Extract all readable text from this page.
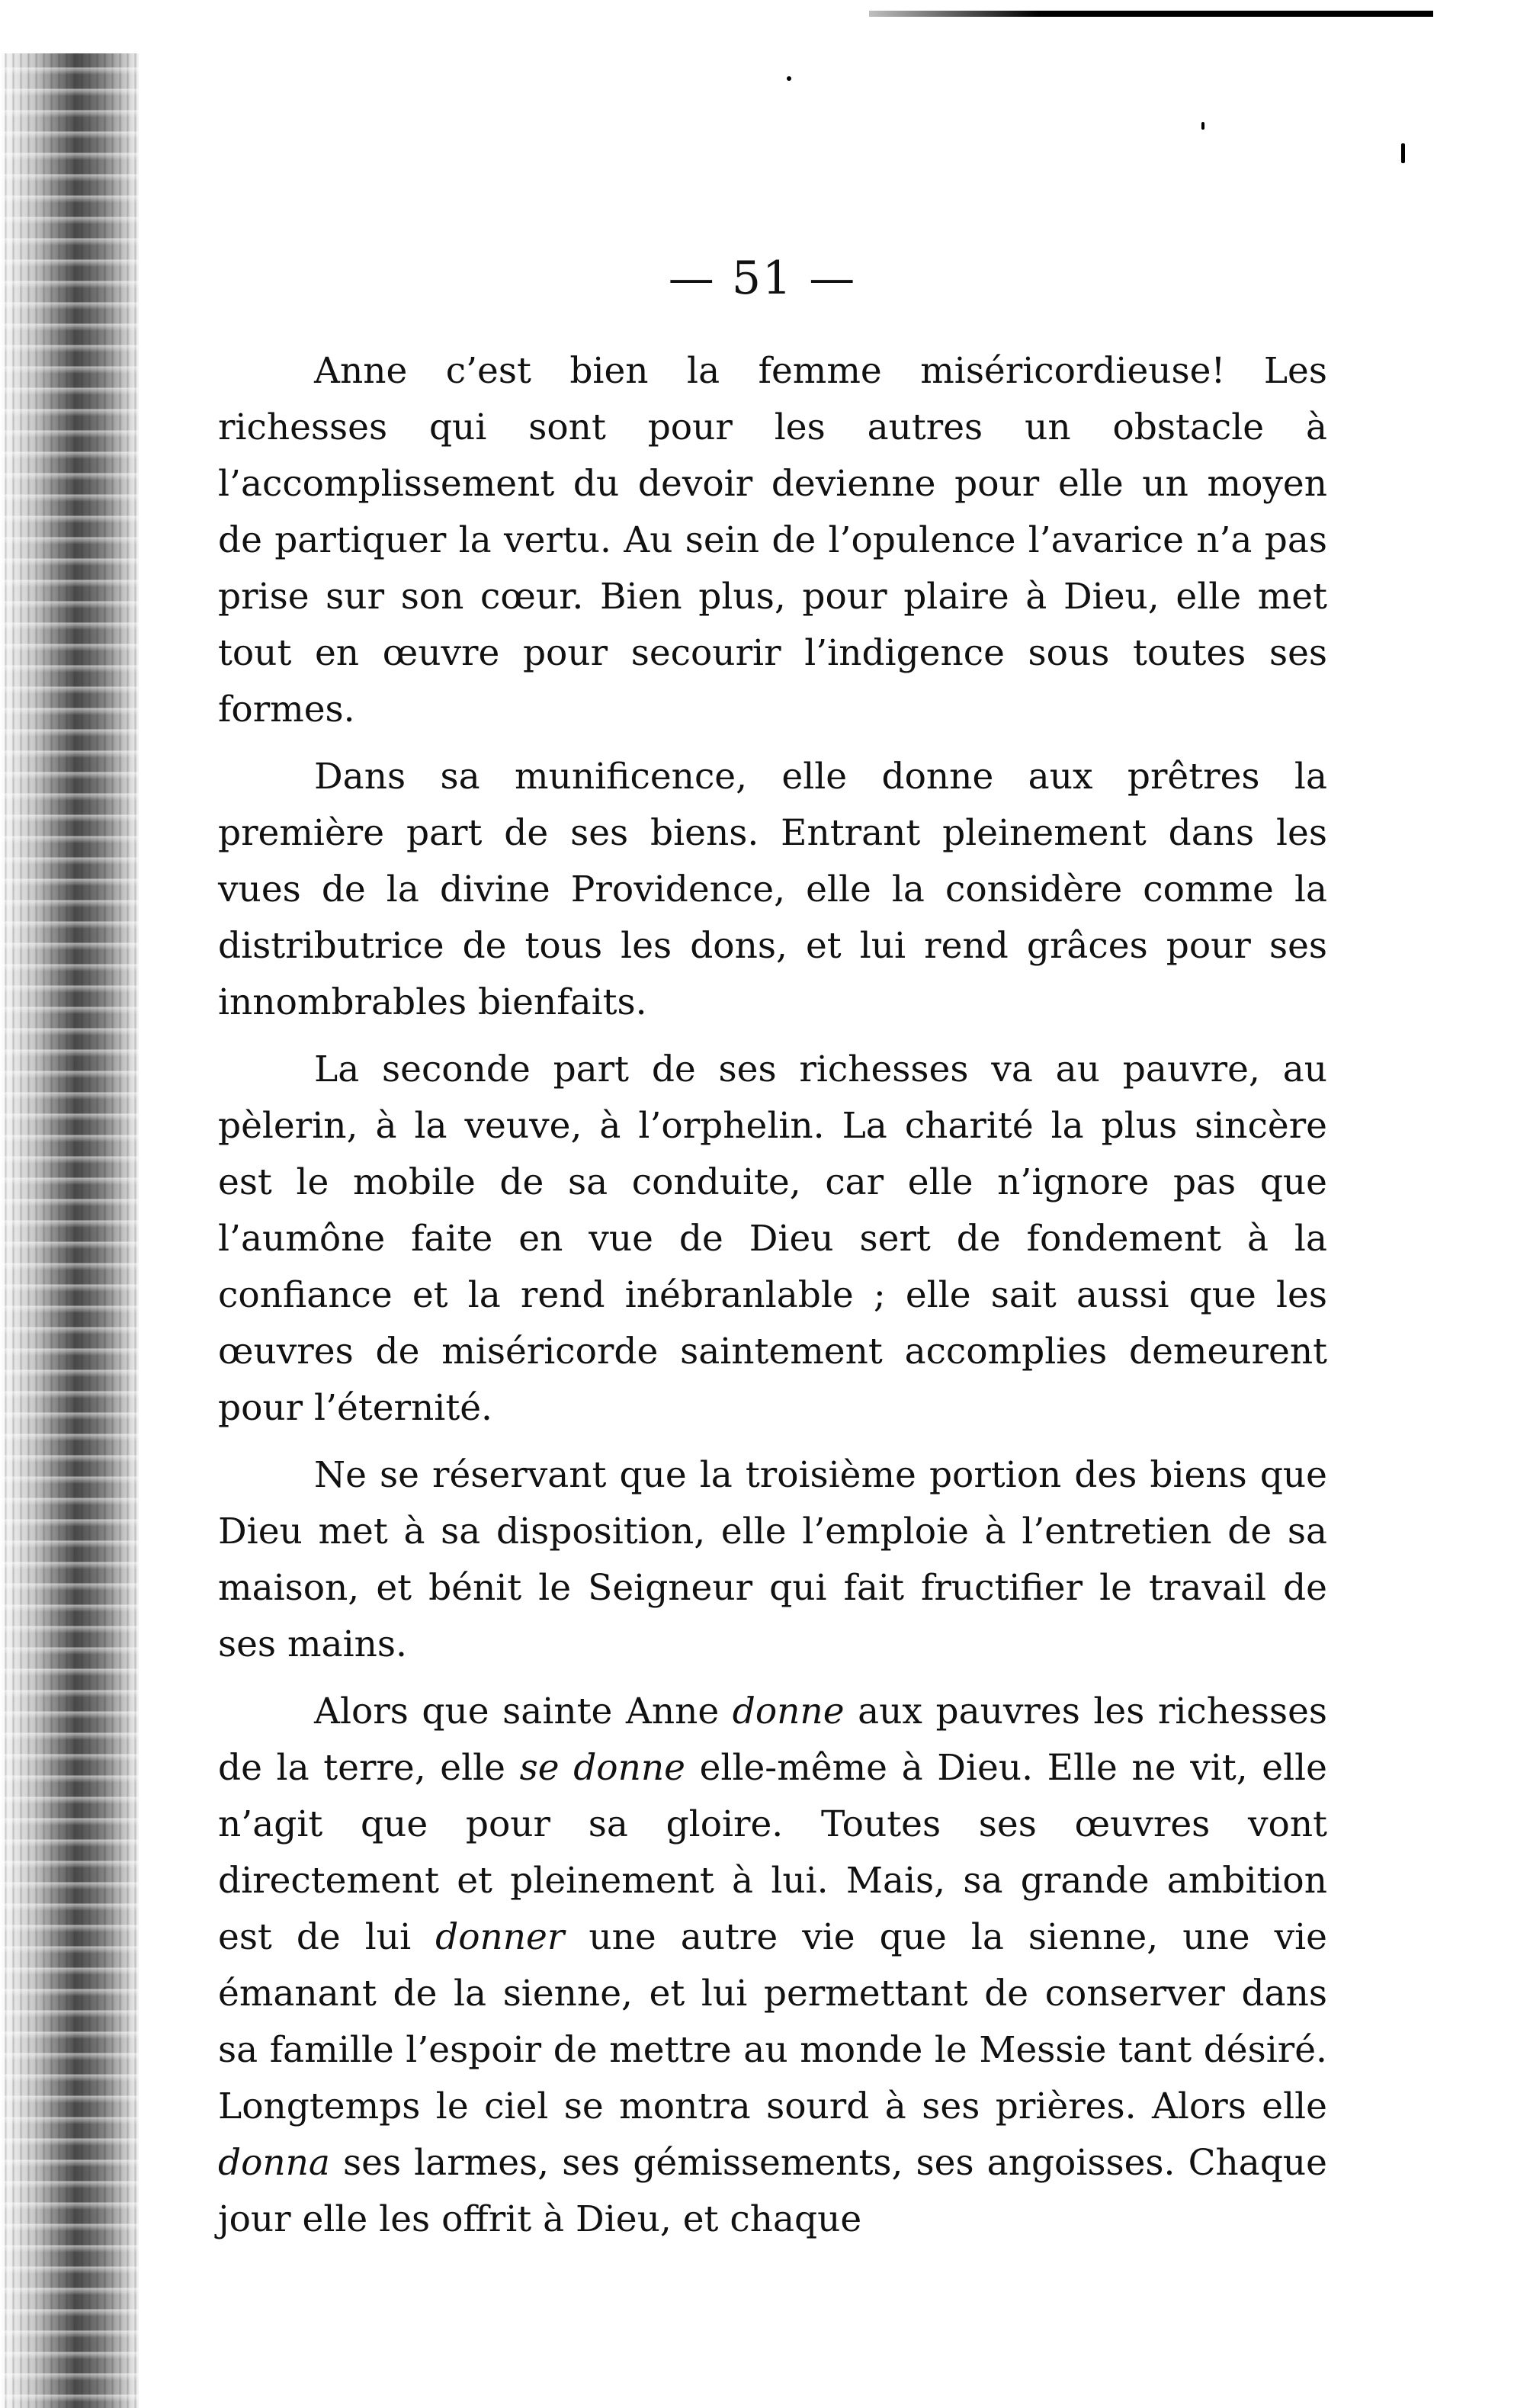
— 51 —

Anne c’est bien la femme miséricordieuse! Les richesses qui sont pour les autres un obstacle à l’accomplissement du devoir devienne pour elle un moyen de partiquer la vertu. Au sein de l’opulence l’avarice n’a pas prise sur son cœur. Bien plus, pour plaire à Dieu, elle met tout en œuvre pour secourir l’indigence sous toutes ses formes.

Dans sa munificence, elle donne aux prêtres la première part de ses biens. Entrant pleinement dans les vues de la divine Providence, elle la considère comme la distributrice de tous les dons, et lui rend grâces pour ses innombrables bienfaits.

La seconde part de ses richesses va au pauvre, au pèlerin, à la veuve, à l’orphelin. La charité la plus sincère est le mobile de sa conduite, car elle n’ignore pas que l’aumône faite en vue de Dieu sert de fondement à la confiance et la rend inébranlable ; elle sait aussi que les œuvres de miséricorde saintement accomplies demeurent pour l’éternité.

Ne se réservant que la troisième portion des biens que Dieu met à sa disposition, elle l’emploie à l’entretien de sa maison, et bénit le Seigneur qui fait fructifier le travail de ses mains.

Alors que sainte Anne donne aux pauvres les richesses de la terre, elle se donne elle-même à Dieu. Elle ne vit, elle n’agit que pour sa gloire. Toutes ses œuvres vont directement et pleinement à lui. Mais, sa grande ambition est de lui donner une autre vie que la sienne, une vie émanant de la sienne, et lui permettant de conserver dans sa famille l’espoir de mettre au monde le Messie tant désiré. Longtemps le ciel se montra sourd à ses prières. Alors elle donna ses larmes, ses gémissements, ses angoisses. Chaque jour elle les offrit à Dieu, et chaque
